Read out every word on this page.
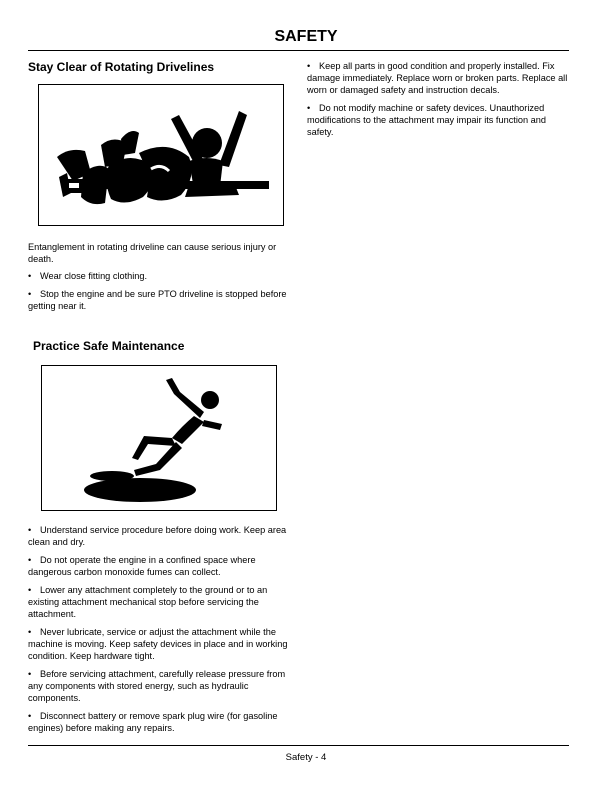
SAFETY

Stay Clear of Rotating Drivelines

Entanglement in rotating driveline can cause serious injury or death.

• Wear close fitting clothing.

• Stop the engine and be sure PTO driveline is stopped before getting near it.

Practice Safe Maintenance

• Understand service procedure before doing work. Keep area clean and dry.

• Do not operate the engine in a confined space where dangerous carbon monoxide fumes can collect.

• Lower any attachment completely to the ground or to an existing attachment mechanical stop before servicing the attachment.

• Never lubricate, service or adjust the attachment while the machine is moving. Keep safety devices in place and in working condition. Keep hardware tight.

• Before servicing attachment, carefully release pressure from any components with stored energy, such as hydraulic components.

• Disconnect battery or remove spark plug wire (for gasoline engines) before making any repairs.

• Keep all parts in good condition and properly installed. Fix damage immediately. Replace worn or broken parts. Replace all worn or damaged safety and instruction decals.

• Do not modify machine or safety devices. Unauthorized modifications to the attachment may impair its function and safety.

Safety - 4
